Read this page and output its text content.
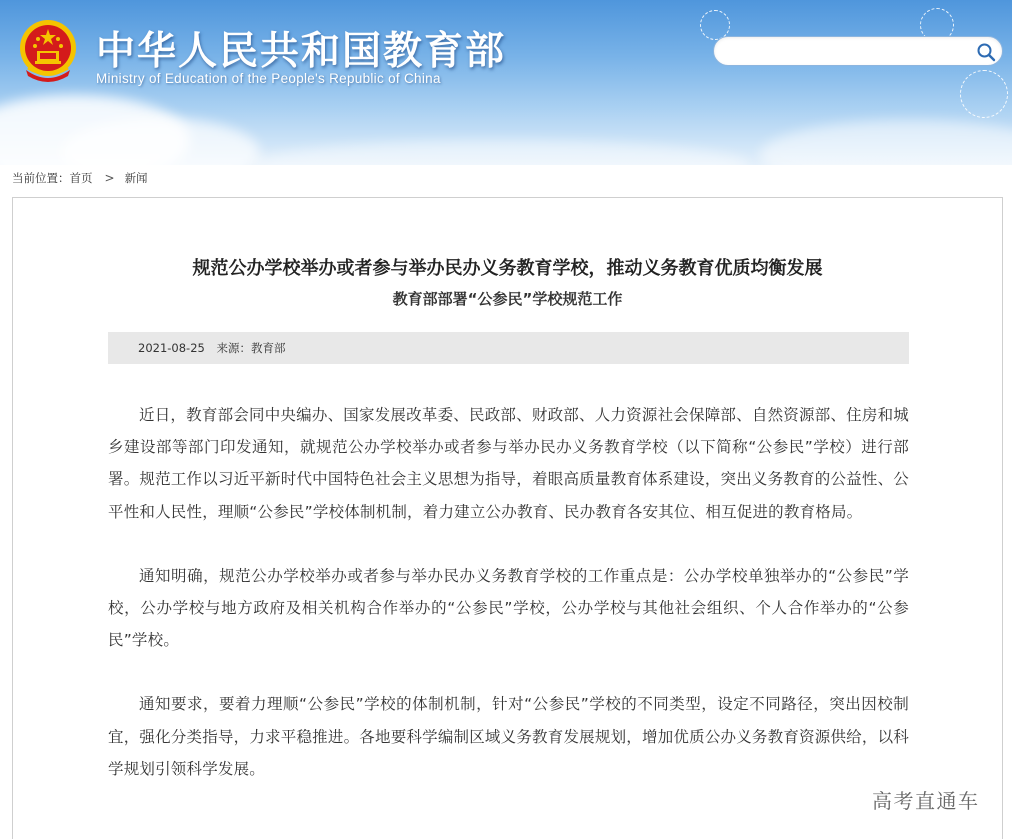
中华人民共和国教育部
Ministry of Education of the People's Republic of China
当前位置： 首页 > 新闻
规范公办学校举办或者参与举办民办义务教育学校，推动义务教育优质均衡发展
教育部部署“公参民”学校规范工作
2021-08-25 来源：教育部

近日，教育部会同中央编办、国家发展改革委、民政部、财政部、人力资源社会保障部、自然资源部、住房和城乡建设部等部门印发通知，就规范公办学校举办或者参与举办民办义务教育学校（以下简称“公参民”学校）进行部署。规范工作以习近平新时代中国特色社会主义思想为指导，着眼高质量教育体系建设，突出义务教育的公益性、公平性和人民性，理顺“公参民”学校体制机制，着力建立公办教育、民办教育各安其位、相互促进的教育格局。

通知明确，规范公办学校举办或者参与举办民办义务教育学校的工作重点是：公办学校单独举办的“公参民”学校，公办学校与地方政府及相关机构合作举办的“公参民”学校，公办学校与其他社会组织、个人合作举办的“公参民”学校。

通知要求，要着力理顺“公参民”学校的体制机制，针对“公参民”学校的不同类型，设定不同路径，突出因校制宜，强化分类指导，力求平稳推进。各地要科学编制区域义务教育发展规划，增加优质公办义务教育资源供给，以科学规划引领科学发展。

高考直通车
